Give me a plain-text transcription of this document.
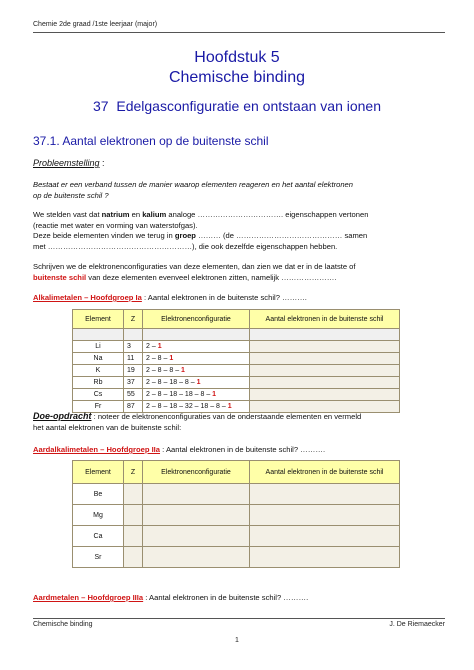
Chemie 2de graad /1ste leerjaar (major)
Hoofdstuk 5
Chemische binding
37 Edelgasconfiguratie en ontstaan van ionen
37.1. Aantal elektronen op de buitenste schil
Probleemstelling :
Bestaat er een verband tussen de manier waarop elementen reageren en het aantal elektronen
op de buitenste schil ?
We stelden vast dat natrium en kalium analoge ……………………………. eigenschappen vertonen
(reactie met water en vorming van waterstofgas).
Deze beide elementen vinden we terug in groep ……… (de …………………………………… samen
met …………………………………………………), die ook dezelfde eigenschappen hebben.
Schrijven we de elektronenconfiguraties van deze elementen, dan zien we dat er in de laatste of
buitenste schil van deze elementen evenveel elektronen zitten, namelijk ………………….
Alkalimetalen – Hoofdgroep Ia : Aantal elektronen in de buitenste schil? ……….
Element	Z	Elektronenconfiguratie	Aantal elektronen in de buitenste schil

Li	3	2 – 1	
Na	11	2 – 8 – 1	
K	19	2 – 8 – 8 – 1	
Rb	37	2 – 8 – 18 – 8 – 1	
Cs	55	2 – 8 – 18 – 18 – 8 – 1	
Fr	87	2 – 8 – 18 – 32 – 18 – 8 – 1	
Doe-opdracht : noteer de elektronenconfiguraties van de onderstaande elementen en vermeld
het aantal elektronen van de buitenste schil:
Aardalkalimetalen – Hoofdgroep IIa : Aantal elektronen in de buitenste schil? ……….
Element	Z	Elektronenconfiguratie	Aantal elektronen in de buitenste schil
Be			
Mg			
Ca			
Sr			
Aardmetalen – Hoofdgroep IIIa : Aantal elektronen in de buitenste schil? ……….
Chemische binding	J. De Riemaecker
1
